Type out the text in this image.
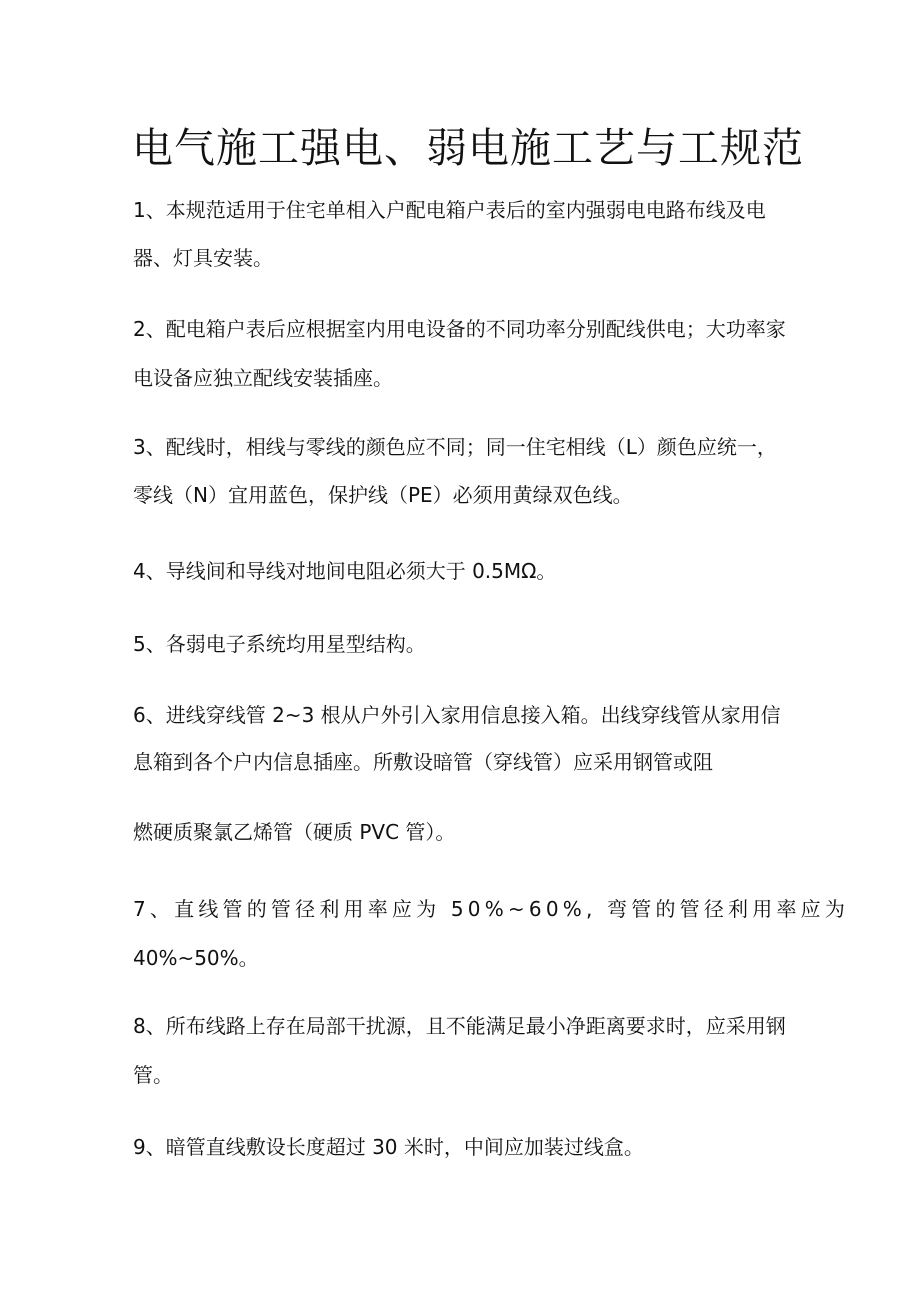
电气施工强电、弱电施工艺与工规范

1、本规范适用于住宅单相入户配电箱户表后的室内强弱电电路布线及电

器、灯具安装。

2、配电箱户表后应根据室内用电设备的不同功率分别配线供电；大功率家

电设备应独立配线安装插座。

3、配线时，相线与零线的颜色应不同；同一住宅相线（L）颜色应统一，

零线（N）宜用蓝色，保护线（PE）必须用黄绿双色线。

4、导线间和导线对地间电阻必须大于 0.5MΩ。

5、各弱电子系统均用星型结构。

6、进线穿线管 2~3 根从户外引入家用信息接入箱。出线穿线管从家用信

息箱到各个户内信息插座。所敷设暗管（穿线管）应采用钢管或阻

燃硬质聚氯乙烯管（硬质 PVC 管）。

7、直线管的管径利用率应为 50%~60%, 弯管的管径利用率应为

40%~50%。

8、所布线路上存在局部干扰源，且不能满足最小净距离要求时，应采用钢

管。

9、暗管直线敷设长度超过 30 米时，中间应加装过线盒。
